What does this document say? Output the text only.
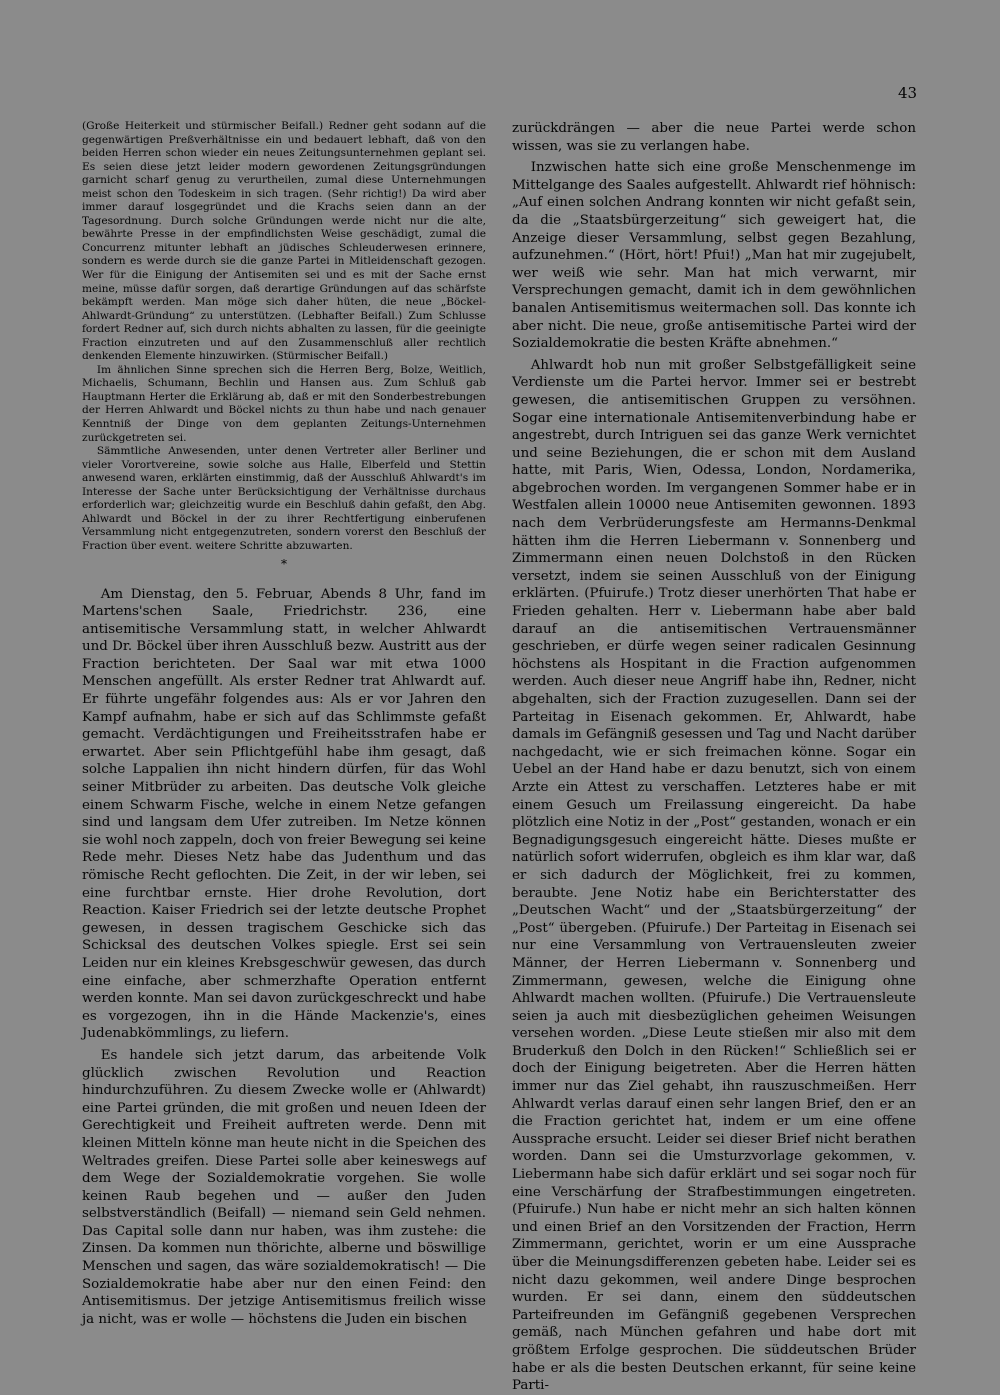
43

(Große Heiterkeit und stürmischer Beifall.) Redner geht sodann auf die gegenwärtigen Preßverhältnisse ein und bedauert lebhaft, daß von den beiden Herren schon wieder ein neues Zeitungsunternehmen geplant sei. Es seien diese jetzt leider modern gewordenen Zeitungsgründungen garnicht scharf genug zu verurtheilen, zumal diese Unternehmungen meist schon den Todeskeim in sich tragen. (Sehr richtig!) Da wird aber immer darauf losgegründet und die Krachs seien dann an der Tagesordnung. Durch solche Gründungen werde nicht nur die alte, bewährte Presse in der empfindlichsten Weise geschädigt, zumal die Concurrenz mitunter lebhaft an jüdisches Schleuderwesen erinnere, sondern es werde durch sie die ganze Partei in Mitleidenschaft gezogen. Wer für die Einigung der Antisemiten sei und es mit der Sache ernst meine, müsse dafür sorgen, daß derartige Gründungen auf das schärfste bekämpft werden. Man möge sich daher hüten, die neue „Böckel-Ahlwardt-Gründung“ zu unterstützen. (Lebhafter Beifall.) Zum Schlusse fordert Redner auf, sich durch nichts abhalten zu lassen, für die geeinigte Fraction einzutreten und auf den Zusammenschluß aller rechtlich denkenden Elemente hinzuwirken. (Stürmischer Beifall.)

Im ähnlichen Sinne sprechen sich die Herren Berg, Bolze, Weitlich, Michaelis, Schumann, Bechlin und Hansen aus. Zum Schluß gab Hauptmann Herter die Erklärung ab, daß er mit den Sonderbestrebungen der Herren Ahlwardt und Böckel nichts zu thun habe und nach genauer Kenntniß der Dinge von dem geplanten Zeitungs-Unternehmen zurückgetreten sei.

Sämmtliche Anwesenden, unter denen Vertreter aller Berliner und vieler Vorortvereine, sowie solche aus Halle, Elberfeld und Stettin anwesend waren, erklärten einstimmig, daß der Ausschluß Ahlwardt's im Interesse der Sache unter Berücksichtigung der Verhältnisse durchaus erforderlich war; gleichzeitig wurde ein Beschluß dahin gefaßt, den Abg. Ahlwardt und Böckel in der zu ihrer Rechtfertigung einberufenen Versammlung nicht entgegenzutreten, sondern vorerst den Beschluß der Fraction über event. weitere Schritte abzuwarten.

*

Am Dienstag, den 5. Februar, Abends 8 Uhr, fand im Martens'schen Saale, Friedrichstr. 236, eine antisemitische Versammlung statt, in welcher Ahlwardt und Dr. Böckel über ihren Ausschluß bezw. Austritt aus der Fraction berichteten. Der Saal war mit etwa 1000 Menschen angefüllt. Als erster Redner trat Ahlwardt auf. Er führte ungefähr folgendes aus: Als er vor Jahren den Kampf aufnahm, habe er sich auf das Schlimmste gefaßt gemacht. Verdächtigungen und Freiheitsstrafen habe er erwartet. Aber sein Pflichtgefühl habe ihm gesagt, daß solche Lappalien ihn nicht hindern dürfen, für das Wohl seiner Mitbrüder zu arbeiten. Das deutsche Volk gleiche einem Schwarm Fische, welche in einem Netze gefangen sind und langsam dem Ufer zutreiben. Im Netze können sie wohl noch zappeln, doch von freier Bewegung sei keine Rede mehr. Dieses Netz habe das Judenthum und das römische Recht geflochten. Die Zeit, in der wir leben, sei eine furchtbar ernste. Hier drohe Revolution, dort Reaction. Kaiser Friedrich sei der letzte deutsche Prophet gewesen, in dessen tragischem Geschicke sich das Schicksal des deutschen Volkes spiegle. Erst sei sein Leiden nur ein kleines Krebsgeschwür gewesen, das durch eine einfache, aber schmerzhafte Operation entfernt werden konnte. Man sei davon zurückgeschreckt und habe es vorgezogen, ihn in die Hände Mackenzie's, eines Judenabkömmlings, zu liefern.

Es handele sich jetzt darum, das arbeitende Volk glücklich zwischen Revolution und Reaction hindurchzuführen. Zu diesem Zwecke wolle er (Ahlwardt) eine Partei gründen, die mit großen und neuen Ideen der Gerechtigkeit und Freiheit auftreten werde. Denn mit kleinen Mitteln könne man heute nicht in die Speichen des Weltrades greifen. Diese Partei solle aber keineswegs auf dem Wege der Sozialdemokratie vorgehen. Sie wolle keinen Raub begehen und — außer den Juden selbstverständlich (Beifall) — niemand sein Geld nehmen. Das Capital solle dann nur haben, was ihm zustehe: die Zinsen. Da kommen nun thörichte, alberne und böswillige Menschen und sagen, das wäre sozialdemokratisch! — Die Sozialdemokratie habe aber nur den einen Feind: den Antisemitismus. Der jetzige Antisemitismus freilich wisse ja nicht, was er wolle — höchstens die Juden ein bischen

zurückdrängen — aber die neue Partei werde schon wissen, was sie zu verlangen habe.

Inzwischen hatte sich eine große Menschenmenge im Mittelgange des Saales aufgestellt. Ahlwardt rief höhnisch: „Auf einen solchen Andrang konnten wir nicht gefaßt sein, da die „Staatsbürgerzeitung“ sich geweigert hat, die Anzeige dieser Versammlung, selbst gegen Bezahlung, aufzunehmen.“ (Hört, hört! Pfui!) „Man hat mir zugejubelt, wer weiß wie sehr. Man hat mich verwarnt, mir Versprechungen gemacht, damit ich in dem gewöhnlichen banalen Antisemitismus weitermachen soll. Das konnte ich aber nicht. Die neue, große antisemitische Partei wird der Sozialdemokratie die besten Kräfte abnehmen.“

Ahlwardt hob nun mit großer Selbstgefälligkeit seine Verdienste um die Partei hervor. Immer sei er bestrebt gewesen, die antisemitischen Gruppen zu versöhnen. Sogar eine internationale Antisemitenverbindung habe er angestrebt, durch Intriguen sei das ganze Werk vernichtet und seine Beziehungen, die er schon mit dem Ausland hatte, mit Paris, Wien, Odessa, London, Nordamerika, abgebrochen worden. Im vergangenen Sommer habe er in Westfalen allein 10000 neue Antisemiten gewonnen. 1893 nach dem Verbrüderungsfeste am Hermanns-Denkmal hätten ihm die Herren Liebermann v. Sonnenberg und Zimmermann einen neuen Dolchstoß in den Rücken versetzt, indem sie seinen Ausschluß von der Einigung erklärten. (Pfuirufe.) Trotz dieser unerhörten That habe er Frieden gehalten. Herr v. Liebermann habe aber bald darauf an die antisemitischen Vertrauensmänner geschrieben, er dürfe wegen seiner radicalen Gesinnung höchstens als Hospitant in die Fraction aufgenommen werden. Auch dieser neue Angriff habe ihn, Redner, nicht abgehalten, sich der Fraction zuzugesellen. Dann sei der Parteitag in Eisenach gekommen. Er, Ahlwardt, habe damals im Gefängniß gesessen und Tag und Nacht darüber nachgedacht, wie er sich freimachen könne. Sogar ein Uebel an der Hand habe er dazu benutzt, sich von einem Arzte ein Attest zu verschaffen. Letzteres habe er mit einem Gesuch um Freilassung eingereicht. Da habe plötzlich eine Notiz in der „Post“ gestanden, wonach er ein Begnadigungsgesuch eingereicht hätte. Dieses mußte er natürlich sofort widerrufen, obgleich es ihm klar war, daß er sich dadurch der Möglichkeit, frei zu kommen, beraubte. Jene Notiz habe ein Berichterstatter des „Deutschen Wacht“ und der „Staatsbürgerzeitung“ der „Post“ übergeben. (Pfuirufe.) Der Parteitag in Eisenach sei nur eine Versammlung von Vertrauensleuten zweier Männer, der Herren Liebermann v. Sonnenberg und Zimmermann, gewesen, welche die Einigung ohne Ahlwardt machen wollten. (Pfuirufe.) Die Vertrauensleute seien ja auch mit diesbezüglichen geheimen Weisungen versehen worden. „Diese Leute stießen mir also mit dem Bruderkuß den Dolch in den Rücken!“ Schließlich sei er doch der Einigung beigetreten. Aber die Herren hätten immer nur das Ziel gehabt, ihn rauszuschmeißen. Herr Ahlwardt verlas darauf einen sehr langen Brief, den er an die Fraction gerichtet hat, indem er um eine offene Aussprache ersucht. Leider sei dieser Brief nicht berathen worden. Dann sei die Umsturzvorlage gekommen, v. Liebermann habe sich dafür erklärt und sei sogar noch für eine Verschärfung der Strafbestimmungen eingetreten. (Pfuirufe.) Nun habe er nicht mehr an sich halten können und einen Brief an den Vorsitzenden der Fraction, Herrn Zimmermann, gerichtet, worin er um eine Aussprache über die Meinungsdifferenzen gebeten habe. Leider sei es nicht dazu gekommen, weil andere Dinge besprochen wurden. Er sei dann, einem den süddeutschen Parteifreunden im Gefängniß gegebenen Versprechen gemäß, nach München gefahren und habe dort mit größtem Erfolge gesprochen. Die süddeutschen Brüder habe er als die besten Deutschen erkannt, für seine keine Parti-
